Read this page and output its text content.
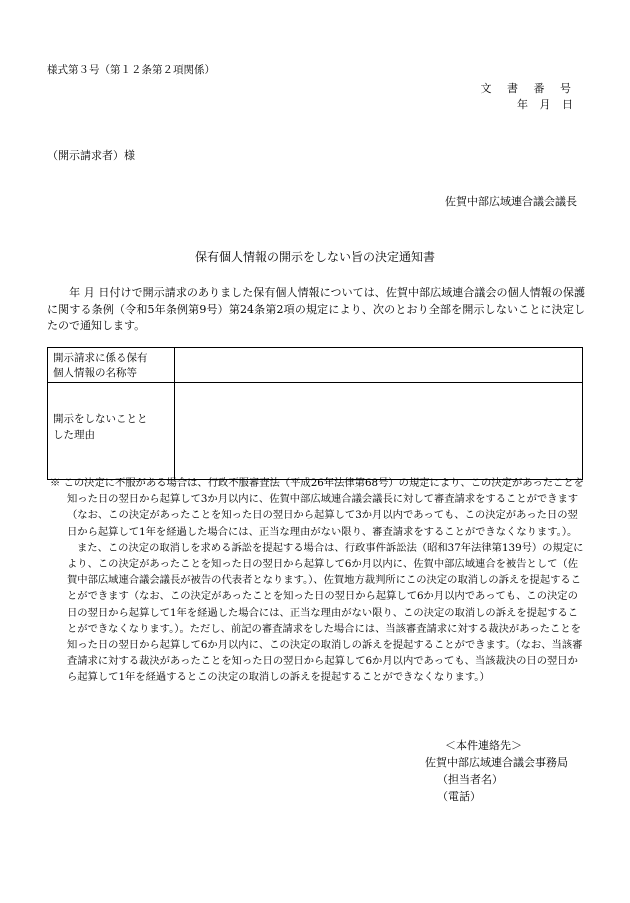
様式第３号（第１２条第２項関係）
文 書 番 号
年 月 日
（開示請求者）様
佐賀中部広域連合議会議長
保有個人情報の開示をしない旨の決定通知書
　　年 月 日付けで開示請求のありました保有個人情報については、佐賀中部広域連合議会の個人情報の保護に関する条例（令和5年条例第9号）第24条第2項の規定により、次のとおり全部を開示しないことに決定したので通知します。
開示請求に係る保有
個人情報の名称等	

開示をしないことと
した理由	

※ この決定に不服がある場合は、行政不服審査法（平成26年法律第68号）の規定により、この決定があったことを知った日の翌日から起算して3か月以内に、佐賀中部広域連合議会議長に対して審査請求をすることができます（なお、この決定があったことを知った日の翌日から起算して3か月以内であっても、この決定があった日の翌日から起算して1年を経過した場合には、正当な理由がない限り、審査請求をすることができなくなります。）。
また、この決定の取消しを求める訴訟を提起する場合は、行政事件訴訟法（昭和37年法律第139号）の規定により、この決定があったことを知った日の翌日から起算して6か月以内に、佐賀中部広域連合を被告として（佐賀中部広域連合議会議長が被告の代表者となります。）、佐賀地方裁判所にこの決定の取消しの訴えを提起することができます（なお、この決定があったことを知った日の翌日から起算して6か月以内であっても、この決定の日の翌日から起算して1年を経過した場合には、正当な理由がない限り、この決定の取消しの訴えを提起することができなくなります。）。ただし、前記の審査請求をした場合には、当該審査請求に対する裁決があったことを知った日の翌日から起算して6か月以内に、この決定の取消しの訴えを提起することができます。（なお、当該審査請求に対する裁決があったことを知った日の翌日から起算して6か月以内であっても、当該裁決の日の翌日から起算して1年を経過するとこの決定の取消しの訴えを提起することができなくなります。）
＜本件連絡先＞
佐賀中部広域連合議会事務局
（担当者名）
（電話）
